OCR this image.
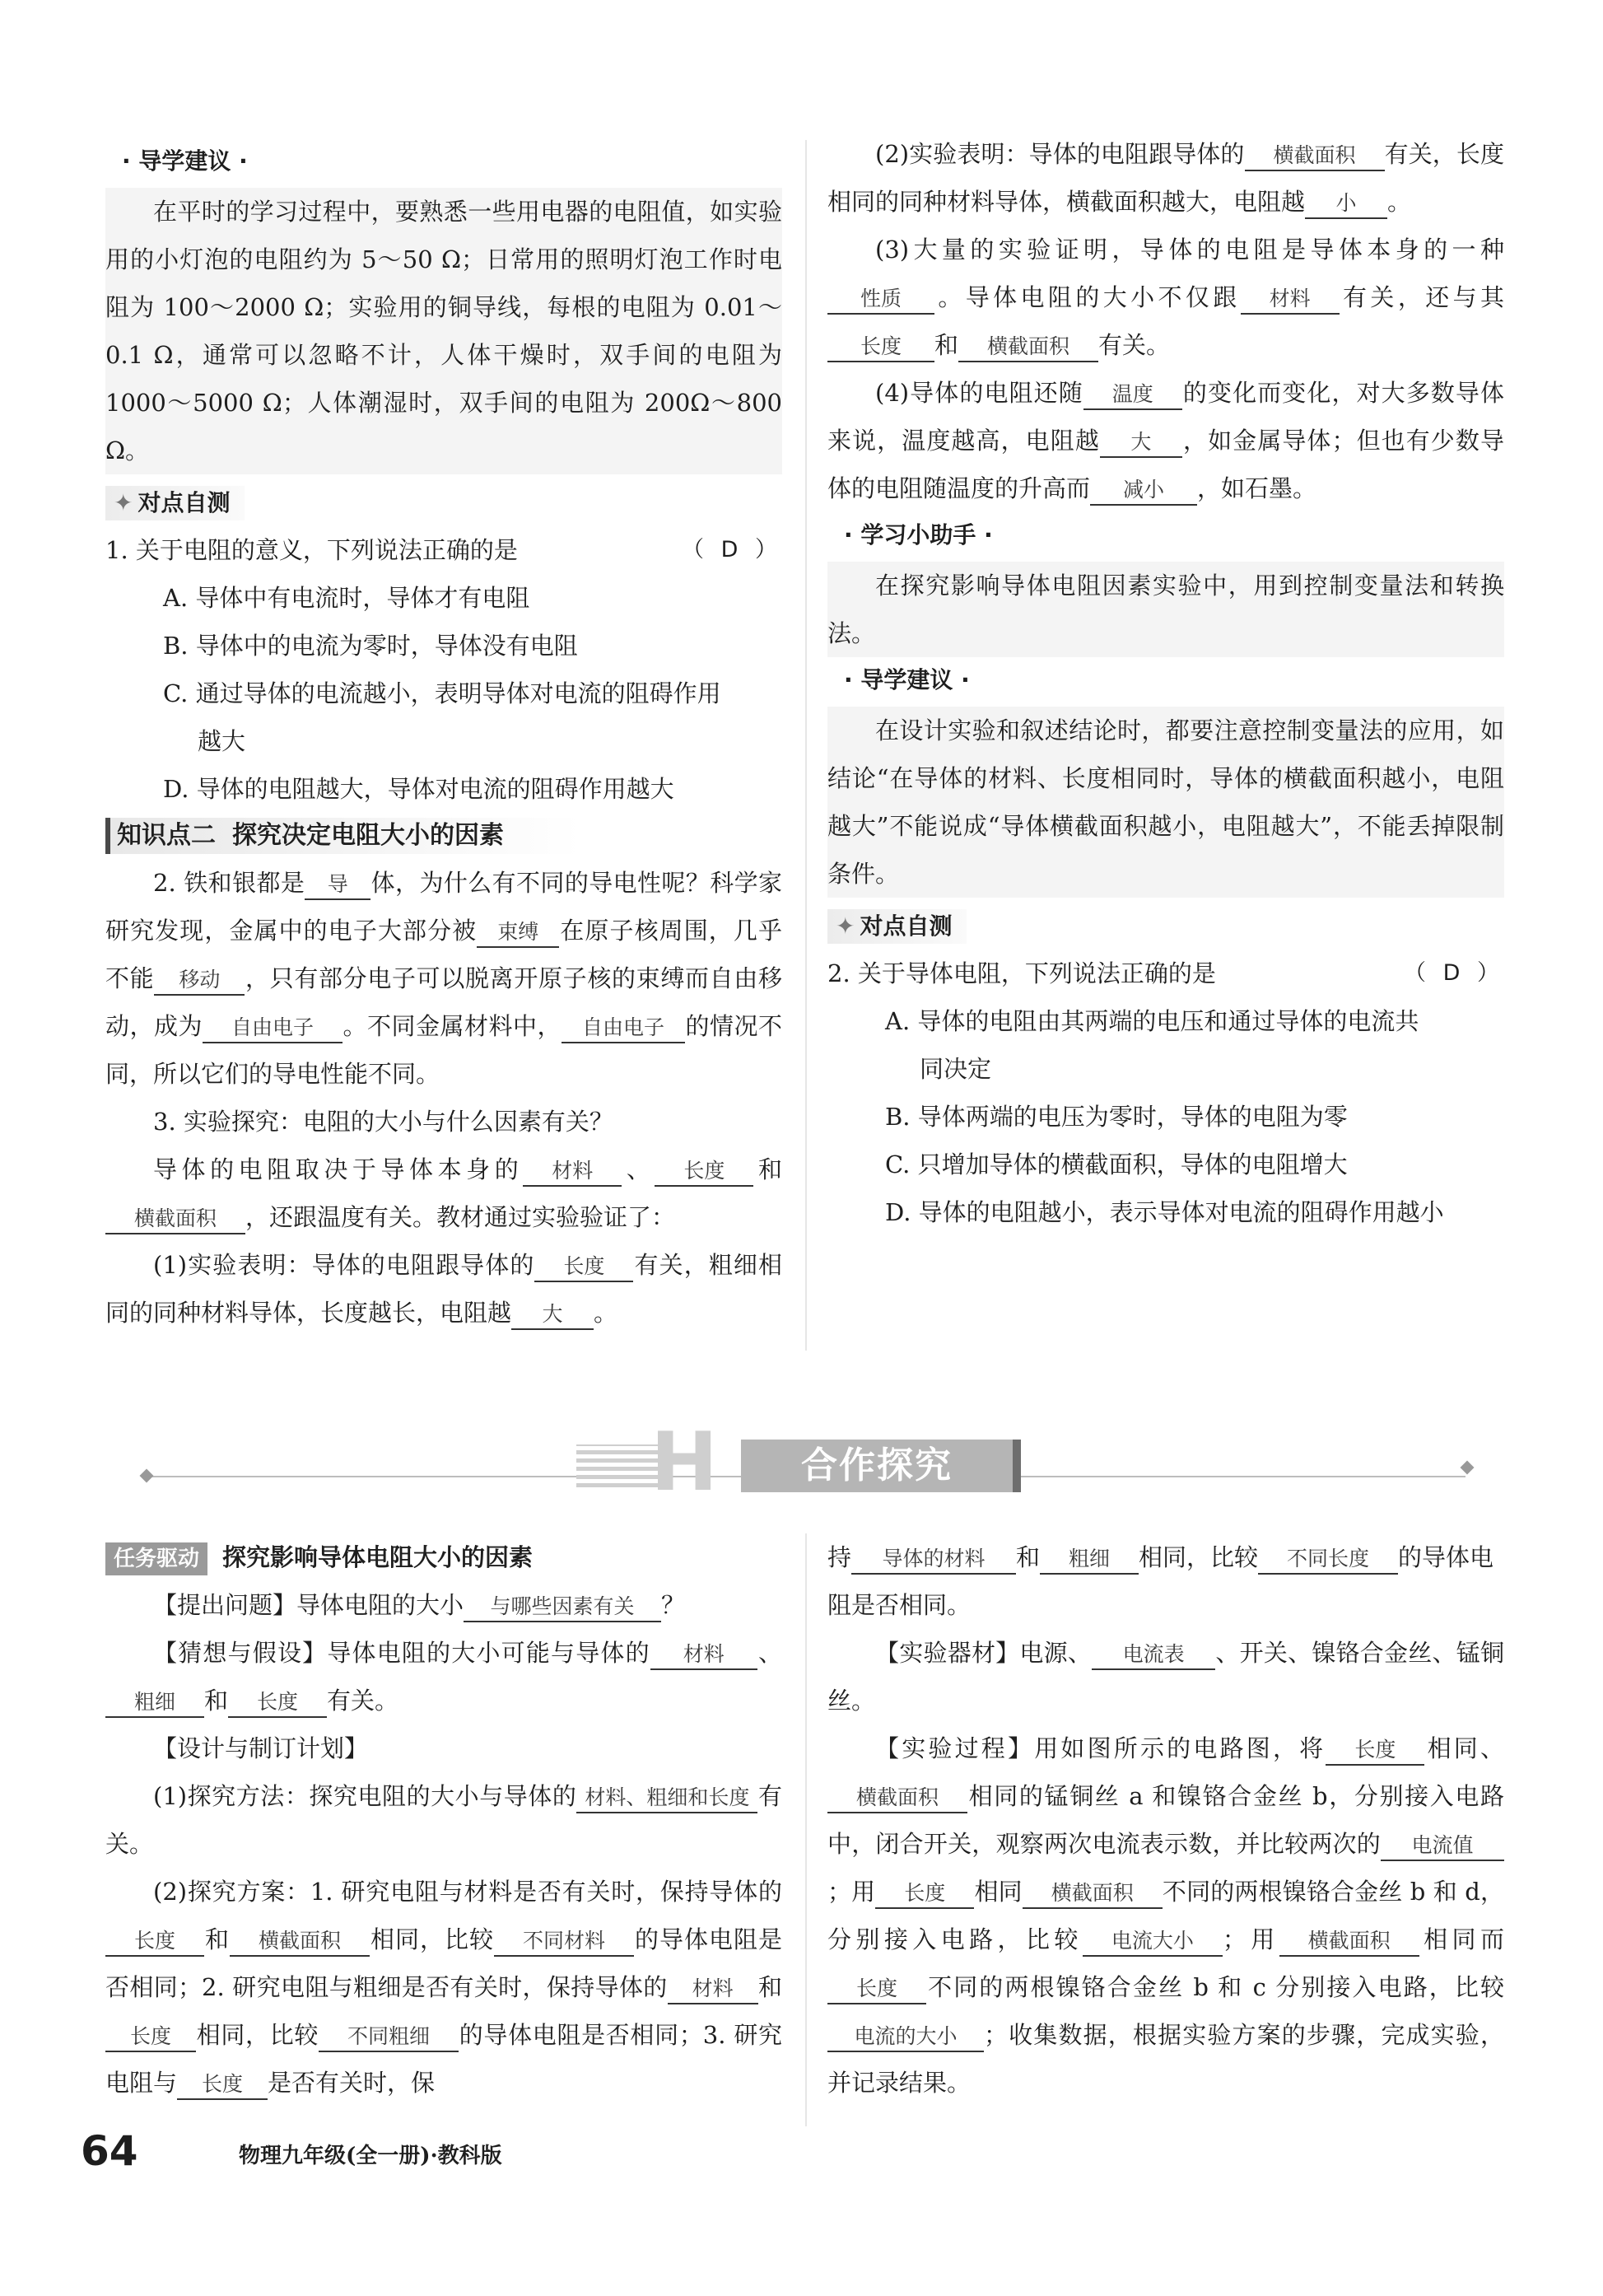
· 导学建议 ·

在平时的学习过程中，要熟悉一些用电器的电阻值，如实验用的小灯泡的电阻约为 5～50 Ω；日常用的照明灯泡工作时电阻为 100～2000 Ω；实验用的铜导线，每根的电阻为 0.01～0.1 Ω，通常可以忽略不计，人体干燥时，双手间的电阻为 1000～5000 Ω；人体潮湿时，双手间的电阻为 200Ω～800 Ω。

✦ 对点自测

1. 关于电阻的意义，下列说法正确的是	（ D ）

A. 导体中有电流时，导体才有电阻

B. 导体中的电流为零时，导体没有电阻

C. 通过导体的电流越小，表明导体对电流的阻碍作用

越大

D. 导体的电阻越大，导体对电流的阻碍作用越大

知识点二 探究决定电阻大小的因素

2. 铁和银都是 导 体，为什么有不同的导电性呢？科学家研究发现，金属中的电子大部分被 束缚 在原子核周围，几乎不能 移动 ，只有部分电子可以脱离开原子核的束缚而自由移动，成为 自由电子 。不同金属材料中， 自由电子 的情况不同，所以它们的导电性能不同。

3. 实验探究：电阻的大小与什么因素有关？

导体的电阻取决于导体本身的 材料 、 长度 和横截面积 ，还跟温度有关。教材通过实验验证了：

(1)实验表明：导体的电阻跟导体的 长度 有关，粗细相同的同种材料导体，长度越长，电阻越 大 。

(2)实验表明：导体的电阻跟导体的 横截面积 有关，长度相同的同种材料导体，横截面积越大，电阻越 小 。

(3)大量的实验证明，导体的电阻是导体本身的一种性质 。导体电阻的大小不仅跟 材料 有关，还与其长度 和 横截面积 有关。

(4)导体的电阻还随 温度 的变化而变化，对大多数导体来说，温度越高，电阻越 大 ，如金属导体；但也有少数导体的电阻随温度的升高而 减小 ，如石墨。

· 学习小助手 ·

在探究影响导体电阻因素实验中，用到控制变量法和转换法。

· 导学建议 ·

在设计实验和叙述结论时，都要注意控制变量法的应用，如结论“在导体的材料、长度相同时，导体的横截面积越小，电阻越大”不能说成“导体横截面积越小，电阻越大”，不能丢掉限制条件。

✦ 对点自测

2. 关于导体电阻，下列说法正确的是	（ D ）

A. 导体的电阻由其两端的电压和通过导体的电流共

同决定

B. 导体两端的电压为零时，导体的电阻为零

C. 只增加导体的横截面积，导体的电阻增大

D. 导体的电阻越小，表示导体对电流的阻碍作用越小

H	合作探究

任务驱动 探究影响导体电阻大小的因素

【提出问题】导体电阻的大小 与哪些因素有关 ？

【猜想与假设】导体电阻的大小可能与导体的 材料 、粗细 和 长度 有关。

【设计与制订计划】

(1)探究方法：探究电阻的大小与导体的 材料、粗细和长度 有关。

(2)探究方案：1. 研究电阻与材料是否有关时，保持导体的长度 和 横截面积 相同，比较 不同材料 的导体电阻是否相同；2. 研究电阻与粗细是否有关时，保持导体的 材料 和长度 相同，比较 不同粗细 的导体电阻是否相同；3. 研究电阻与 长度 是否有关时，保

持 导体的材料 和 粗细 相同，比较 不同长度 的导体电阻是否相同。

【实验器材】电源、 电流表 、开关、镍铬合金丝、锰铜丝。

【实验过程】用如图所示的电路图，将 长度 相同、横截面积 相同的锰铜丝 a 和镍铬合金丝 b，分别接入电路中，闭合开关，观察两次电流表示数，并比较两次的 电流值；用 长度 相同 横截面积 不同的两根镍铬合金丝 b 和 d，分别接入电路，比较 电流大小 ；用 横截面积 相同而长度 不同的两根镍铬合金丝 b 和 c 分别接入电路，比较电流的大小 ；收集数据，根据实验方案的步骤，完成实验，并记录结果。

64	物理九年级(全一册)·教科版
